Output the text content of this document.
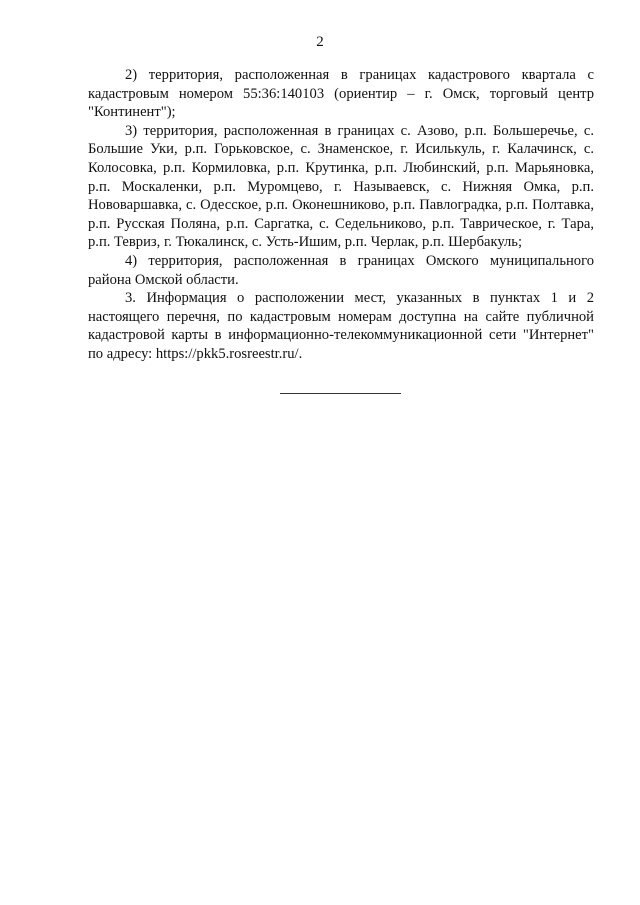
2

2) территория, расположенная в границах кадастрового квартала с кадастровым номером 55:36:140103 (ориентир – г. Омск, торговый центр "Континент");

3) территория, расположенная в границах с. Азово, р.п. Большеречье, с. Большие Уки, р.п. Горьковское, с. Знаменское, г. Исилькуль, г. Калачинск, с. Колосовка, р.п. Кормиловка, р.п. Крутинка, р.п. Любинский, р.п. Марьяновка, р.п. Москаленки, р.п. Муромцево, г. Называевск, с. Нижняя Омка, р.п. Нововаршавка, с. Одесское, р.п. Оконешниково, р.п. Павлоградка, р.п. Полтавка, р.п. Русская Поляна, р.п. Саргатка, с. Седельниково, р.п. Таврическое, г. Тара, р.п. Тевриз, г. Тюкалинск, с. Усть-Ишим, р.п. Черлак, р.п. Шербакуль;

4) территория, расположенная в границах Омского муниципального района Омской области.

3. Информация о расположении мест, указанных в пунктах 1 и 2 настоящего перечня, по кадастровым номерам доступна на сайте публичной кадастровой карты в информационно-телекоммуникационной сети "Интернет" по адресу: https://pkk5.rosreestr.ru/.
